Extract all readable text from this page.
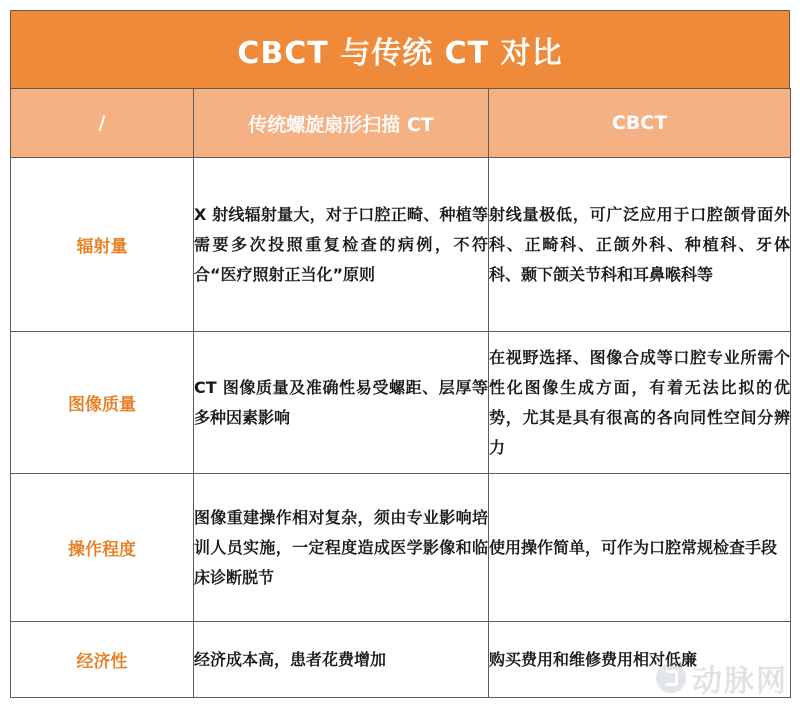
CBCT 与传统 CT 对比
/	传统螺旋扇形扫描 CT	CBCT
辐射量	X 射线辐射量大，对于口腔正畸、种植等需要多次投照重复检查的病例，不符合“医疗照射正当化”原则	射线量极低，可广泛应用于口腔颌骨面外科、正畸科、正颌外科、种植科、牙体科、颞下颌关节科和耳鼻喉科等
图像质量	CT 图像质量及准确性易受螺距、层厚等多种因素影响	在视野选择、图像合成等口腔专业所需个性化图像生成方面，有着无法比拟的优势，尤其是具有很高的各向同性空间分辨力
操作程度	图像重建操作相对复杂，须由专业影响培训人员实施，一定程度造成医学影像和临床诊断脱节	使用操作简单，可作为口腔常规检查手段
经济性	经济成本高，患者花费增加	购买费用和维修费用相对低廉
动脉网
